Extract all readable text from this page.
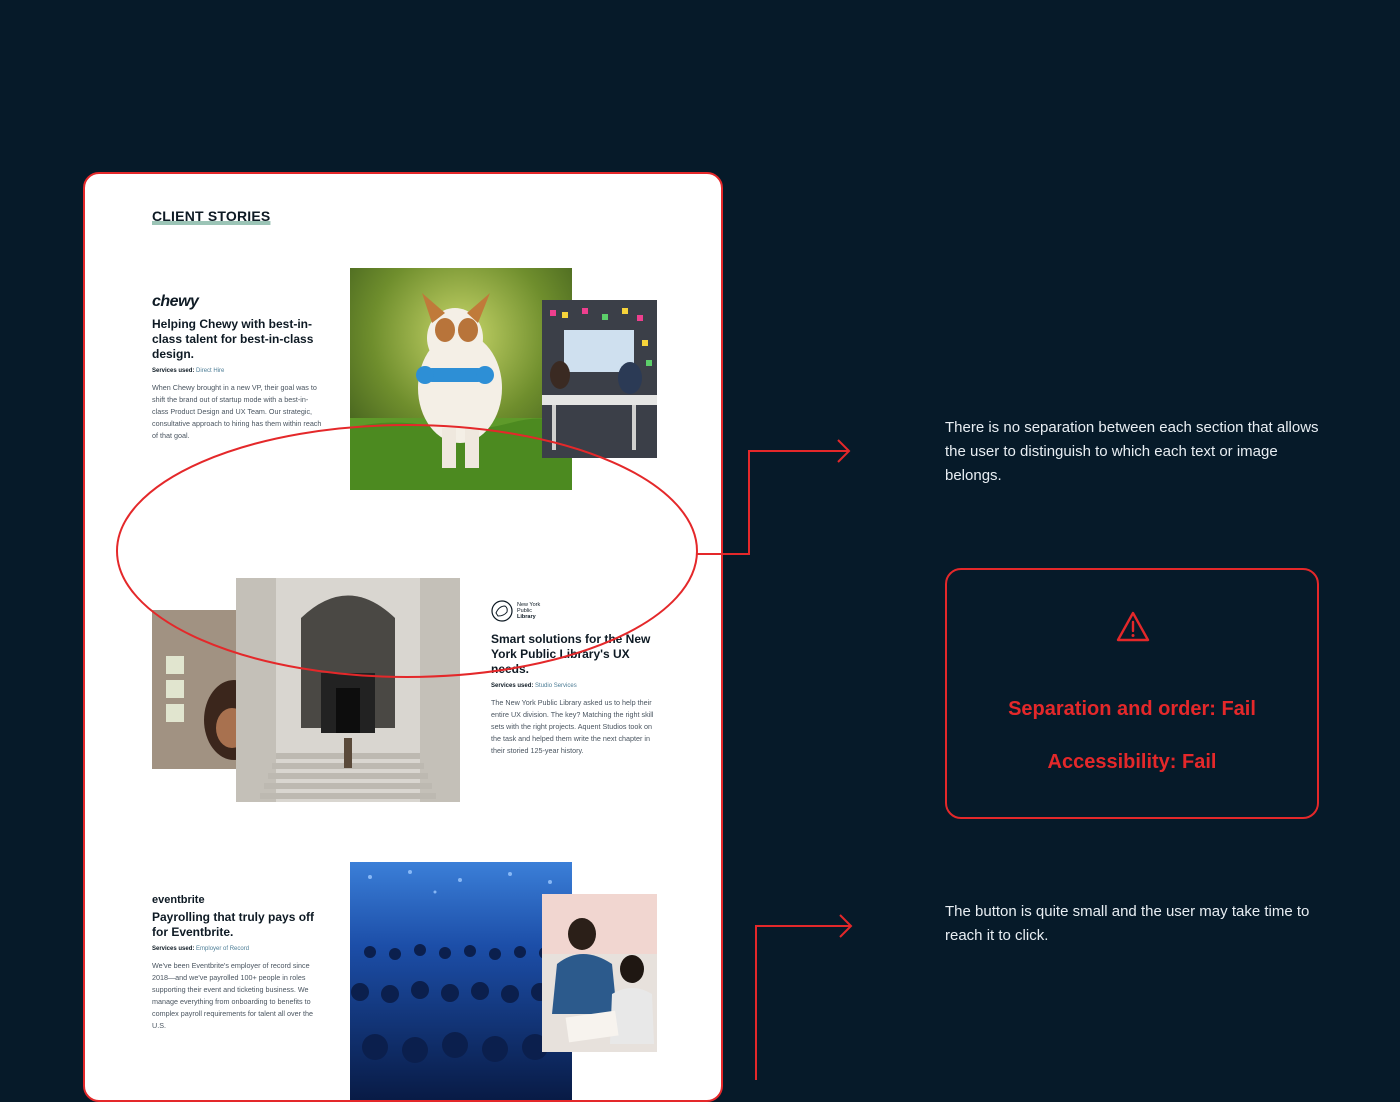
CLIENT STORIES

chewy

Helping Chewy with best-in-class talent for best-in-class design.

Services used: Direct Hire

When Chewy brought in a new VP, their goal was to shift the brand out of startup mode with a best-in-class Product Design and UX Team. Our strategic, consultative approach to hiring has them within reach of that goal.

New York
Public
Library
Smart solutions for the New York Public Library's UX needs.

Services used: Studio Services

The New York Public Library asked us to help their entire UX division. The key? Matching the right skill sets with the right projects. Aquent Studios took on the task and helped them write the next chapter in their storied 125-year history.

eventbrite

Payrolling that truly pays off for Eventbrite.

Services used: Employer of Record

We've been Eventbrite's employer of record since 2018—and we've payrolled 100+ people in roles supporting their event and ticketing business. We manage everything from onboarding to benefits to complex payroll requirements for talent all over the U.S.

There is no separation between each section that allows the user to distinguish to which each text or image belongs.

Separation and order: Fail

Accessibility: Fail

The button is quite small and the user may take time to reach it to click.
